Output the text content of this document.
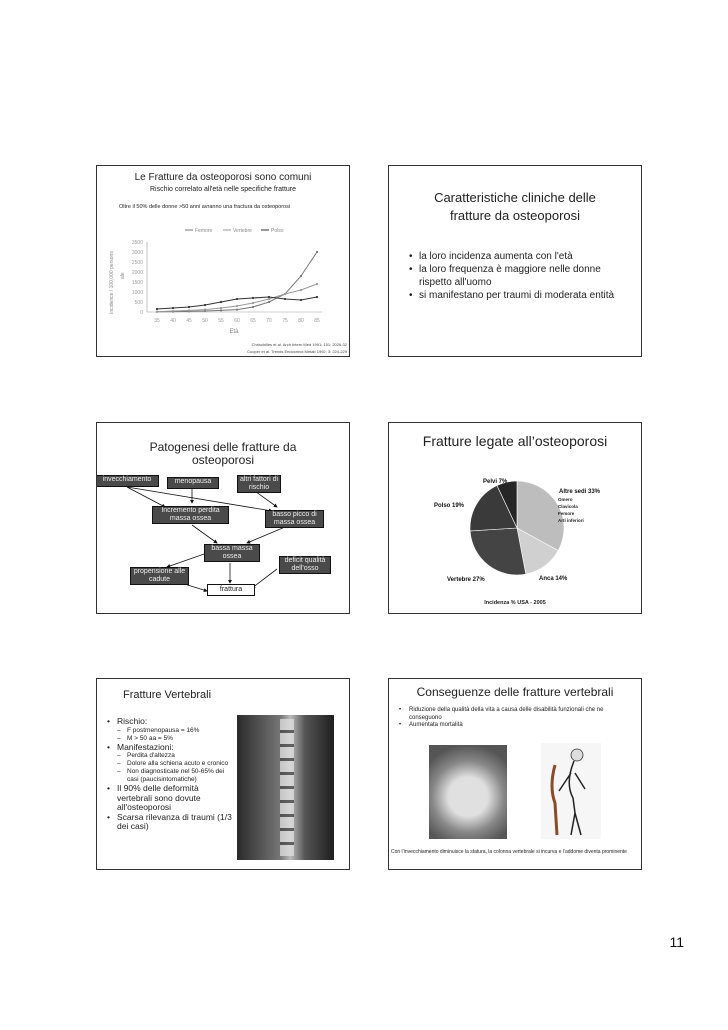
Le Fratture da osteoporosi sono comuni
Rischio correlato all'età nelle specifiche fratture
Oltre il 50% delle donne >50 anni avranno una fractura da osteoporosi
Femore	Vertebre	Polso
Incidence / 100,000 persons ale
3500
3000
2500
2000
1500
1000
500
0
35 40 45 50 55 60 65 70 75 80 85
Età
Chrischilles et al. Arch Intern Med 1991; 151: 2026-32
Cooper et al. Trends Endocrinol Metab 1992; 3: 224-229
Caratteristiche cliniche delle
fratture da osteoporosi
• la loro incidenza aumenta con l'età
• la loro frequenza è maggiore nelle donne rispetto all'uomo
• si manifestano per traumi di moderata entità
Patogenesi delle fratture da
osteoporosi
invecchiamento	menopausa	altri fattori di rischio
Incremento perdita massa ossea
basso picco di massa ossea
bassa massa ossea
deficit qualità dell'osso
propensione alle cadute
frattura
Fratture legate all’osteoporosi
Altre sedi 33%
Anca 14%
Vertebre 27%
Polso 19%
Pelvi 7%
Omero
Clavicola
Femore
Arti inferiori
Incidenza % USA - 2005
Fratture Vertebrali
• Rischio:
– F postmenopausa = 16%
– M > 50 aa = 5%
• Manifestazioni:
– Perdita d'altezza
– Dolore alla schiena acuto e cronico
– Non diagnosticate nel 50-65% dei casi (paucisintomatiche)
• Il 90% delle deformità vertebrali sono dovute all'osteoporosi
• Scarsa rilevanza di traumi (1/3 dei casi)
Conseguenze delle fratture vertebrali
• Riduzione della qualità della vita a causa delle disabilità funzionali che ne conseguono
• Aumentata mortalità
Con l’invecchiamento diminuisce la statura, la colonna vertebrale si incurva e l’addome diventa prominente
11
